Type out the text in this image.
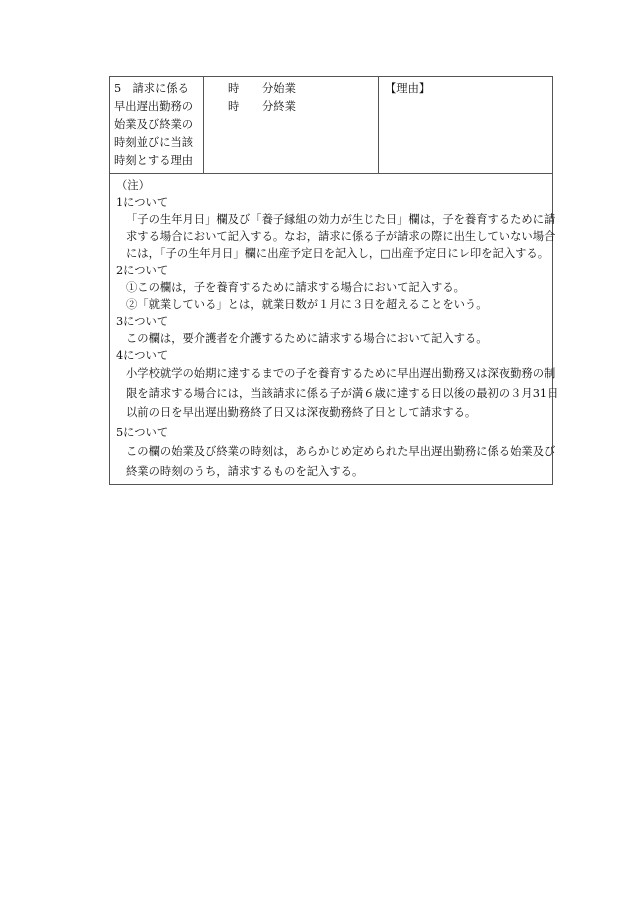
5　請求に係る
早出遅出勤務の
始業及び終業の
時刻並びに当該
時刻とする理由
時 分始業
時 分終業
【理由】
（注）
1について
「子の生年月日」欄及び「養子縁組の効力が生じた日」欄は，子を養育するために請
求する場合において記入する。なお，請求に係る子が請求の際に出生していない場合
には，「子の生年月日」欄に出産予定日を記入し，□出産予定日にレ印を記入する。
2について
①この欄は，子を養育するために請求する場合において記入する。
②「就業している」とは，就業日数が１月に３日を超えることをいう。
3について
この欄は，要介護者を介護するために請求する場合において記入する。
4について
小学校就学の始期に達するまでの子を養育するために早出遅出勤務又は深夜勤務の制
限を請求する場合には，当該請求に係る子が満６歳に達する日以後の最初の３月31日
以前の日を早出遅出勤務終了日又は深夜勤務終了日として請求する。
5について
この欄の始業及び終業の時刻は，あらかじめ定められた早出遅出勤務に係る始業及び
終業の時刻のうち，請求するものを記入する。
